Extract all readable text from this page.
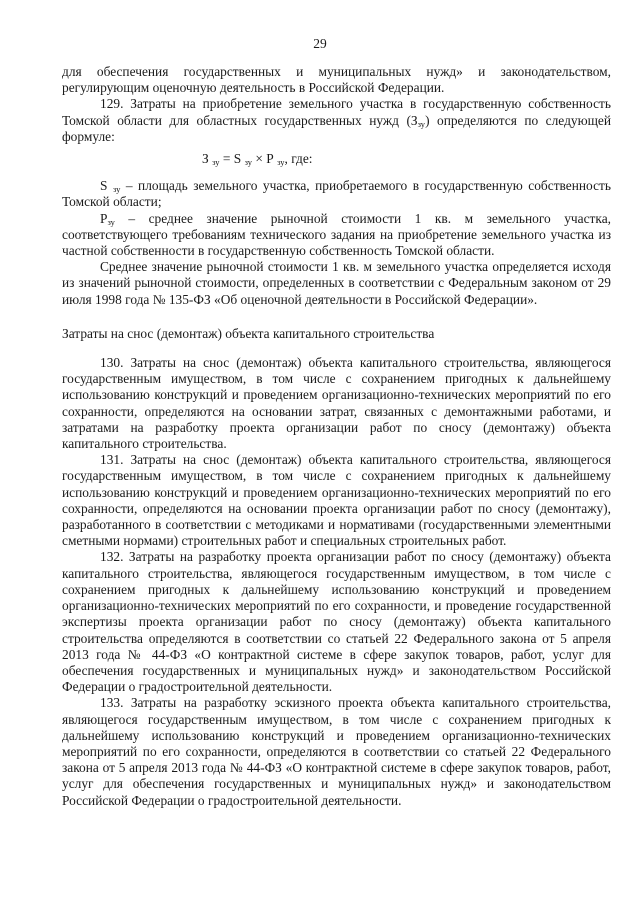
29

для обеспечения государственных и муниципальных нужд» и законодательством, регулирующим оценочную деятельность в Российской Федерации.

129. Затраты на приобретение земельного участка в государственную собственность Томской области для областных государственных нужд $(З_{зу})$ определяются по следующей формуле:

З $_{зу}$ = S $_{зу}$ × Р $_{зу}$, где:

S $_{зу}$ – площадь земельного участка, приобретаемого в государственную собственность Томской области;

$Р_{зу}$ – среднее значение рыночной стоимости 1 кв. м земельного участка, соответствующего требованиям технического задания на приобретение земельного участка из частной собственности в государственную собственность Томской области.

Среднее значение рыночной стоимости 1 кв. м земельного участка определяется исходя из значений рыночной стоимости, определенных в соответствии с Федеральным законом от 29 июля 1998 года № 135-ФЗ «Об оценочной деятельности в Российской Федерации».

Затраты на снос (демонтаж) объекта капитального строительства

130. Затраты на снос (демонтаж) объекта капитального строительства, являющегося государственным имуществом, в том числе с сохранением пригодных к дальнейшему использованию конструкций и проведением организационно-технических мероприятий по его сохранности, определяются на основании затрат, связанных с демонтажными работами, и затратами на разработку проекта организации работ по сносу (демонтажу) объекта капитального строительства.

131. Затраты на снос (демонтаж) объекта капитального строительства, являющегося государственным имуществом, в том числе с сохранением пригодных к дальнейшему использованию конструкций и проведением организационно-технических мероприятий по его сохранности, определяются на основании проекта организации работ по сносу (демонтажу), разработанного в соответствии с методиками и нормативами (государственными элементными сметными нормами) строительных работ и специальных строительных работ.

132. Затраты на разработку проекта организации работ по сносу (демонтажу) объекта капитального строительства, являющегося государственным имуществом, в том числе с сохранением пригодных к дальнейшему использованию конструкций и проведением организационно-технических мероприятий по его сохранности, и проведение государственной экспертизы проекта организации работ по сносу (демонтажу) объекта капитального строительства определяются в соответствии со статьей 22 Федерального закона от 5 апреля 2013 года № 44-ФЗ «О контрактной системе в сфере закупок товаров, работ, услуг для обеспечения государственных и муниципальных нужд» и законодательством Российской Федерации о градостроительной деятельности.

133. Затраты на разработку эскизного проекта объекта капитального строительства, являющегося государственным имуществом, в том числе с сохранением пригодных к дальнейшему использованию конструкций и проведением организационно-технических мероприятий по его сохранности, определяются в соответствии со статьей 22 Федерального закона от 5 апреля 2013 года № 44-ФЗ «О контрактной системе в сфере закупок товаров, работ, услуг для обеспечения государственных и муниципальных нужд» и законодательством Российской Федерации о градостроительной деятельности.
